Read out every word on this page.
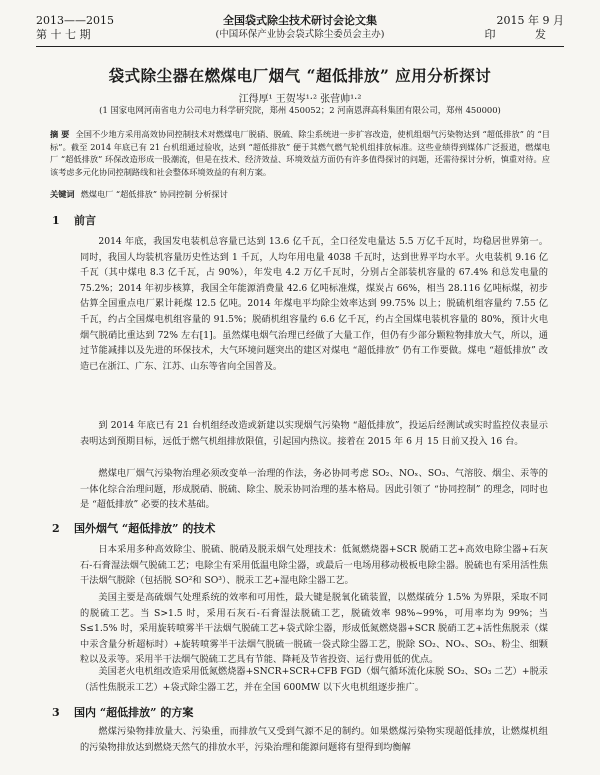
2013——2015
第 十 七 期
全国袋式除尘技术研讨会论文集
(中国环保产业协会袋式除尘委员会主办)
2015 年 9 月
印 发
袋式除尘器在燃煤电厂烟气 “超低排放” 应用分析探讨
江得厚¹ 王贺岑¹·² 张营帅¹·²
(1 国家电网河南省电力公司电力科学研究院，郑州 450052；2 河南恩湃高科集团有限公司，郑州 450000)
摘 要 全国不少地方采用高效协同控制技术对燃煤电厂脱硝、脱硫、除尘系统进一步扩容改造，使机组烟气污染物达到 “超低排放” 的 “目标”。截至 2014 年底已有 21 台机组通过验收，达到 “超低排放” 便于其燃气燃气轮机组排放标准。这些业绩得到媒体广泛报道，燃煤电厂 “超低排放” 环保改造形成一股潮流，但是在技术、经济效益、环境效益方面仍有许多值得探讨的问题，还需待探讨分析，慎重对待。应该考虑多元化协同控制路线和社会整体环境效益的有利方案。
关键词 燃煤电厂 “超低排放” 协同控制 分析探讨
1 前言
2014 年底，我国发电装机总容量已达到 13.6 亿千瓦，全口径发电量达 5.5 万亿千瓦时，均稳居世界第一。同时，我国人均装机容量历史性达到 1 千瓦，人均年用电量 4038 千瓦时，达到世界平均水平。火电装机 9.16 亿千瓦（其中煤电 8.3 亿千瓦，占 90%），年发电 4.2 万亿千瓦时，分别占全部装机容量的 67.4% 和总发电量的 75.2%；2014 年初步核算，我国全年能源消费量 42.6 亿吨标准煤，煤炭占 66%，相当 28.116 亿吨标煤，初步估算全国重点电厂累计耗煤 12.5 亿吨。2014 年煤电平均除尘效率达到 99.75% 以上；脱硫机组容量约 7.55 亿千瓦，约占全国煤电机组容量的 91.5%；脱硝机组容量约 6.6 亿千瓦，约占全国煤电装机容量的 80%，预计火电烟气脱硝比重达到 72% 左右[1]。虽然煤电烟气治理已经做了大量工作，但仍有少部分颗粒物排放大气，所以，通过节能减排以及先进的环保技术，大气环境问题突出的建区对煤电 “超低排放” 仍有工作要做。煤电 “超低排放” 改造已在浙江、广东、江苏、山东等省向全国普及。
到 2014 年底已有 21 台机组经改造或新建以实现烟气污染物 “超低排放”，投运后经测试或实时监控仪表显示表明达到预期目标，远低于燃气机组排放限值，引起国内热议。接着在 2015 年 6 月 15 日前又投入 16 台。
燃煤电厂烟气污染物治理必须改变单一治理的作法，务必协同考虑 SO₂、NOₓ、SO₃、气溶胶、烟尘、汞等的一体化综合治理问题，形成脱硝、脱硫、除尘、脱汞协同治理的基本格局。因此引领了 “协同控制” 的理念，同时也是 “超低排放” 必要的技术基础。
2 国外烟气 “超低排放” 的技术
日本采用多种高效除尘、脱硫、脱硝及脱汞烟气处理技术：低氮燃烧器+SCR 脱硝工艺+高效电除尘器+石灰石-石膏湿法烟气脱硫工艺；电除尘有采用低温电除尘器，或最后一电场用移动极板电除尘器。脱硫也有采用活性焦干法烟气脱除（包括脱 SO²和 SO³）、脱汞工艺+湿电除尘器工艺。
美国主要是高硫烟气处理系统的效率和可用性，最大键是脱氧化硫装置，以燃煤硫分 1.5% 为界限，采取不同的脱硫工艺。当 S>1.5 时，采用石灰石-石膏湿法脱硫工艺，脱硫效率 98%~99%，可用率均为 99%；当 S≤1.5% 时，采用旋转喷雾半干法烟气脱硫工艺+袋式除尘器，形成低氮燃烧器+SCR 脱硝工艺+活性焦脱汞（煤中汞含量分析超标时）+旋转喷雾半干法烟气脱硫一脱硫一袋式除尘器工艺，脱除 SO₂、NOₓ、SO₃、粉尘、细颗粒以及汞等。采用半干法烟气脱硫工艺具有节能、降耗及节省投资、运行费用低的优点。
美国老火电机组改造采用低氮燃烧器+SNCR+SCR+CFB FGD（烟气循环流化床脱 SO₂、SO₃ 二艺）+脱汞（活性焦脱汞工艺）+袋式除尘器工艺，并在全国 600MW 以下火电机组逐步推广。
3 国内 “超低排放” 的方案
燃煤污染物排放量大、污染重，而排放气又受到气源不足的制约。如果燃煤污染物实现超低排放，让燃煤机组的污染物排放达到燃烧天然气的排放水平，污染治理和能源问题将有望得到均衡解
